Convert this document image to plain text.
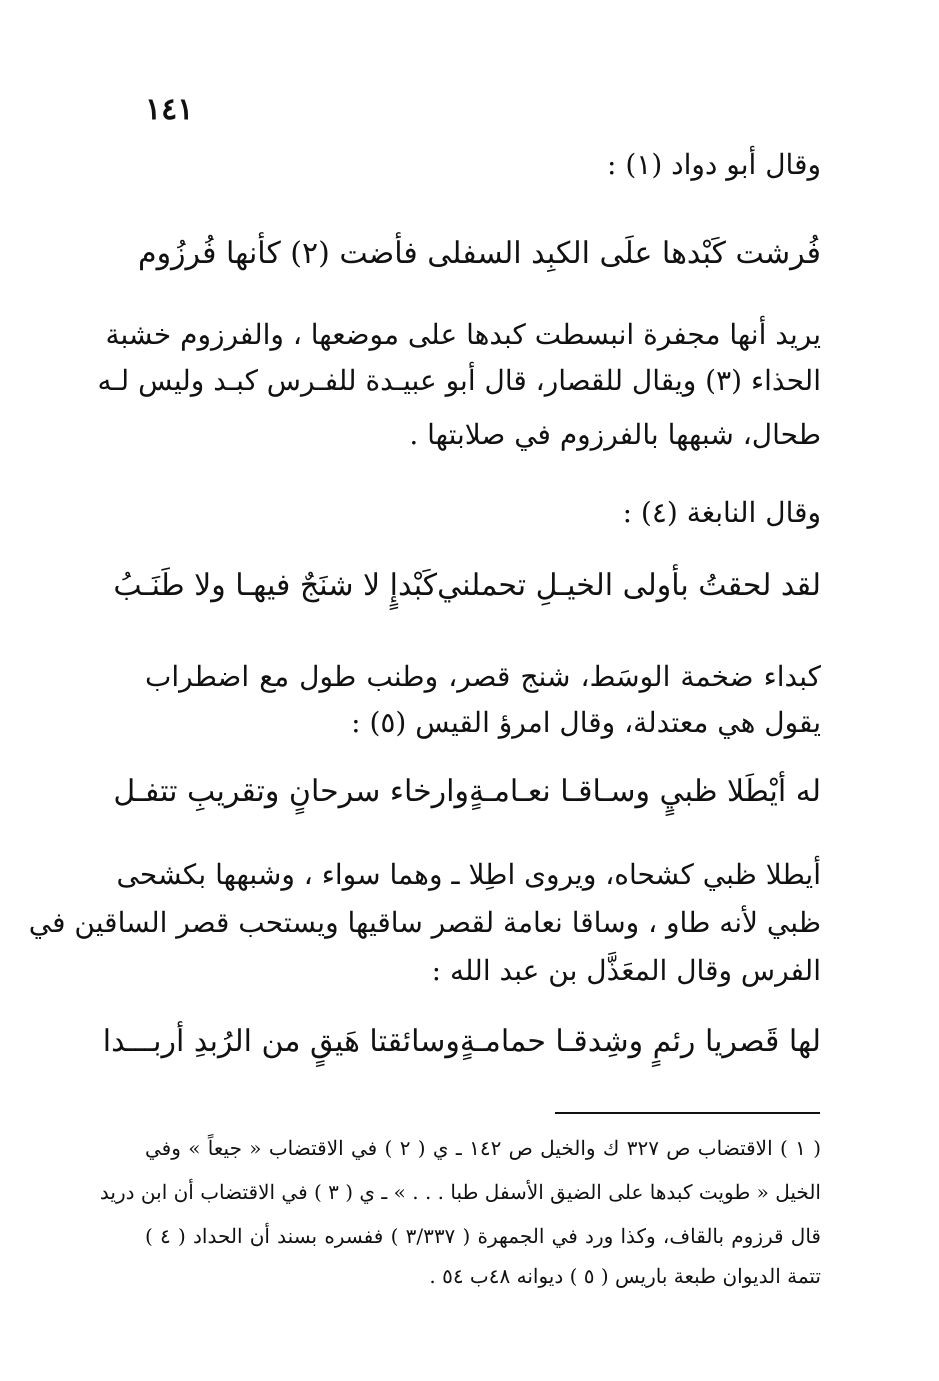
١٤١
وقال أبو دواد (١) :
فُرشت كَبْدها علَى الكبِد السفلى فأضت (٢) كأنها فُرزُوم
يريد أنها مجفرة انبسطت كبدها على موضعها ، والفرزوم خشبة
الحذاء (٣) ويقال للقصار، قال أبو عبيـدة للفـرس كبـد وليس لـه
طحال، شبهها بالفرزوم في صلابتها .
وقال النابغة (٤) :
لقد لحقتُ بأولى الخيـلِ تحملني
كَبْدإٍ لا شنَجٌ فيهـا ولا طَنَـبُ
كبداء ضخمة الوسَط، شنج قصر، وطنب طول مع اضطراب
يقول هي معتدلة، وقال امرؤ القيس (٥) :
له أيْطَلا ظبيٍ وسـاقـا نعـامـةٍ
وارخاء سرحانٍ وتقريبِ تتفـل
أيطلا ظبي كشحاه، ويروى اطِلا ـ وهما سواء ، وشبهها بكشحى
ظبي لأنه طاو ، وساقا نعامة لقصر ساقيها ويستحب قصر الساقين في
الفرس وقال المعَذَّل بن عبد الله :
لها قَصريا رئمٍ وشِدقـا حمامـةٍ
وسائقتا هَيقٍ من الرُبدِ أربـــدا
( ١ ) الاقتضاب ص ٣٢٧ ك والخيل ص ١٤٢ ـ ي ( ٢ ) في الاقتضاب « جيعاً » وفي
الخيل « طويت كبدها على الضيق الأسفل طبا . . . » ـ ي ( ٣ ) في الاقتضاب أن ابن دريد
قال قرزوم بالقاف، وكذا ورد في الجمهرة ( ٣/٣٣٧ ) ففسره بسند أن الحداد ( ٤ )
تتمة الديوان طبعة باريس ( ٥ ) ديوانه ٤٨ب ٥٤ .
